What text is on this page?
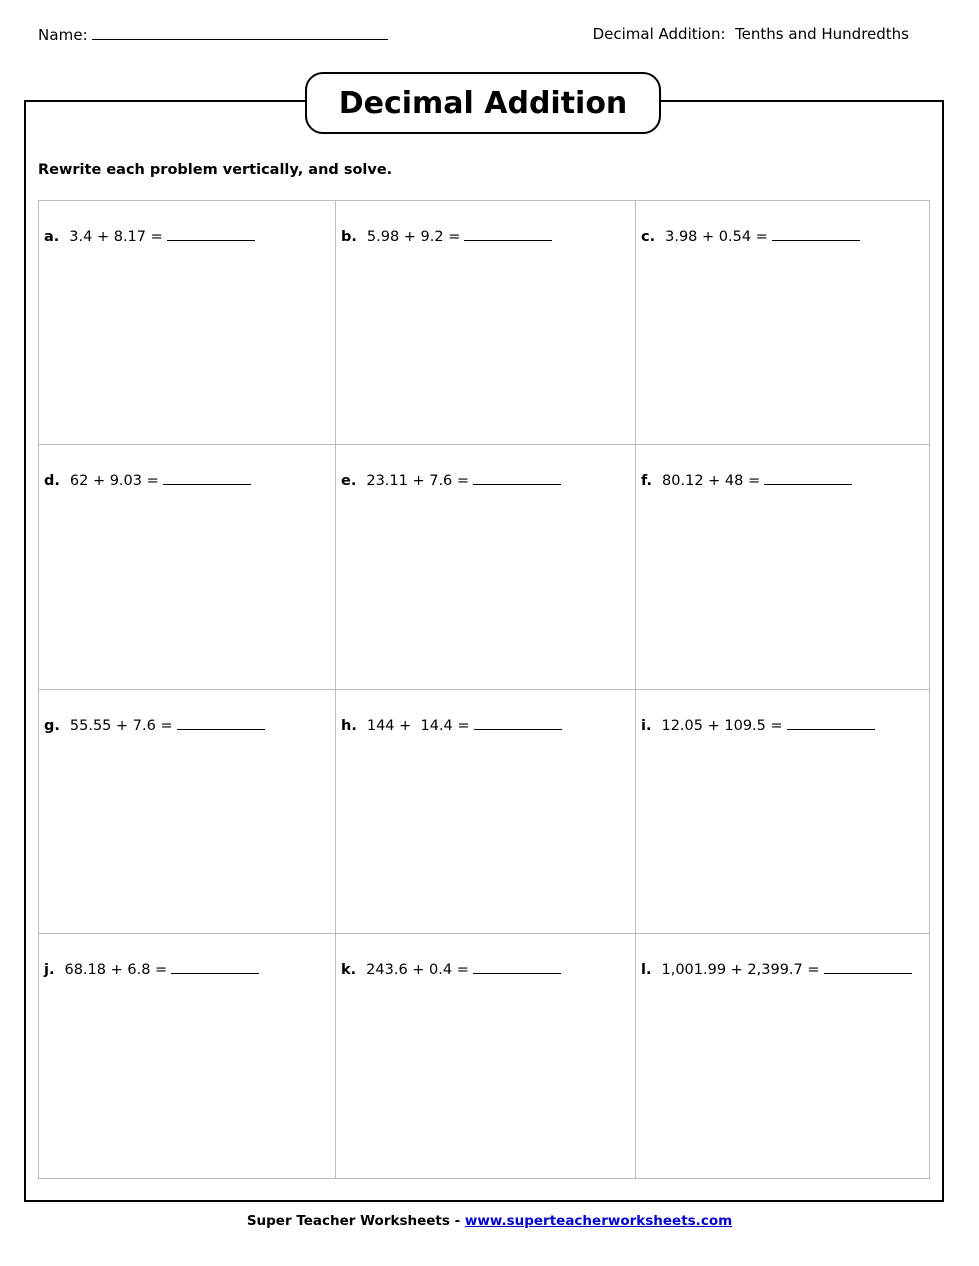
Name:	Decimal Addition:  Tenths and Hundredths
Decimal Addition
Rewrite each problem vertically, and solve.
a. 3.4 + 8.17 =	b. 5.98 + 9.2 =	c. 3.98 + 0.54 =
d. 62 + 9.03 =	e. 23.11 + 7.6 =	f. 80.12 + 48 =
g. 55.55 + 7.6 =	h. 144 +  14.4 =	i. 12.05 + 109.5 =
j. 68.18 + 6.8 =	k. 243.6 + 0.4 =	l. 1,001.99 + 2,399.7 =
Super Teacher Worksheets - www.superteacherworksheets.com
